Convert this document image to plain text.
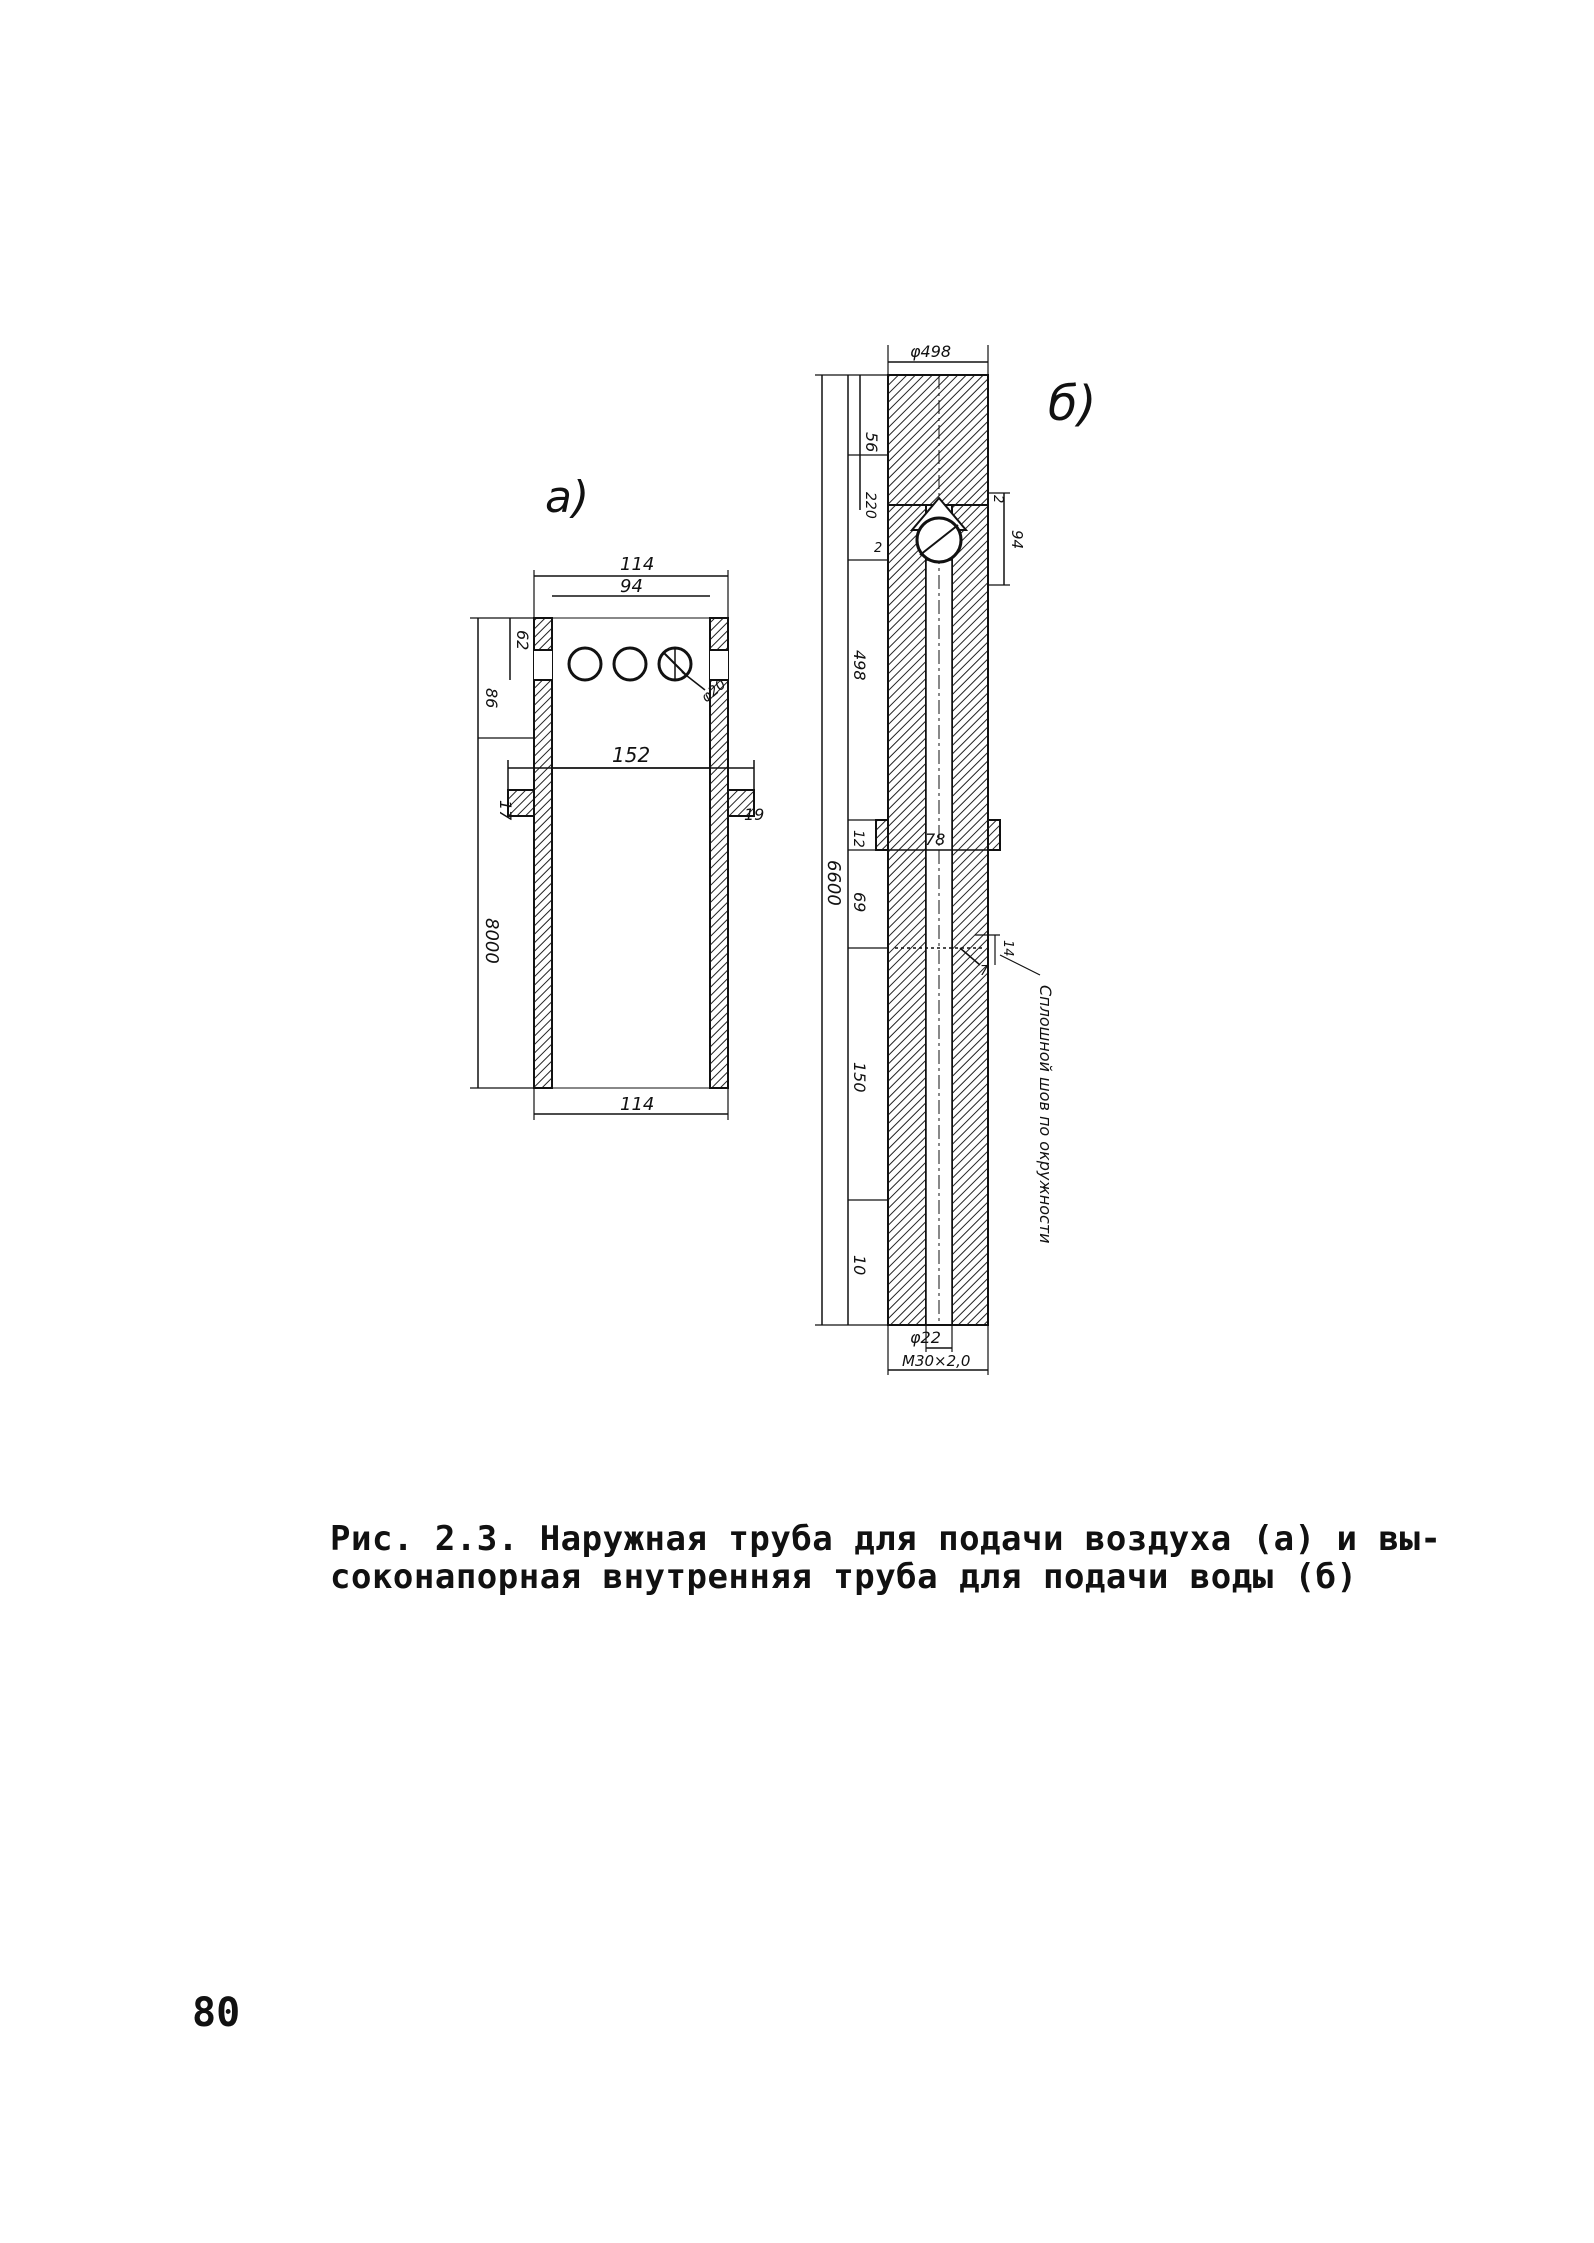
а)
φ20
152
17	19
114
94
62
86
8000
114
б)
78
φ22
M30×2,0
φ498
56
220
2
498
6600
12
69
150
10
2
94
14
7
Сплошной шов по окружности
Рис. 2.3. Наружная труба для подачи воздуха (а) и вы-
соконапорная внутренняя труба для подачи воды (б)
80
